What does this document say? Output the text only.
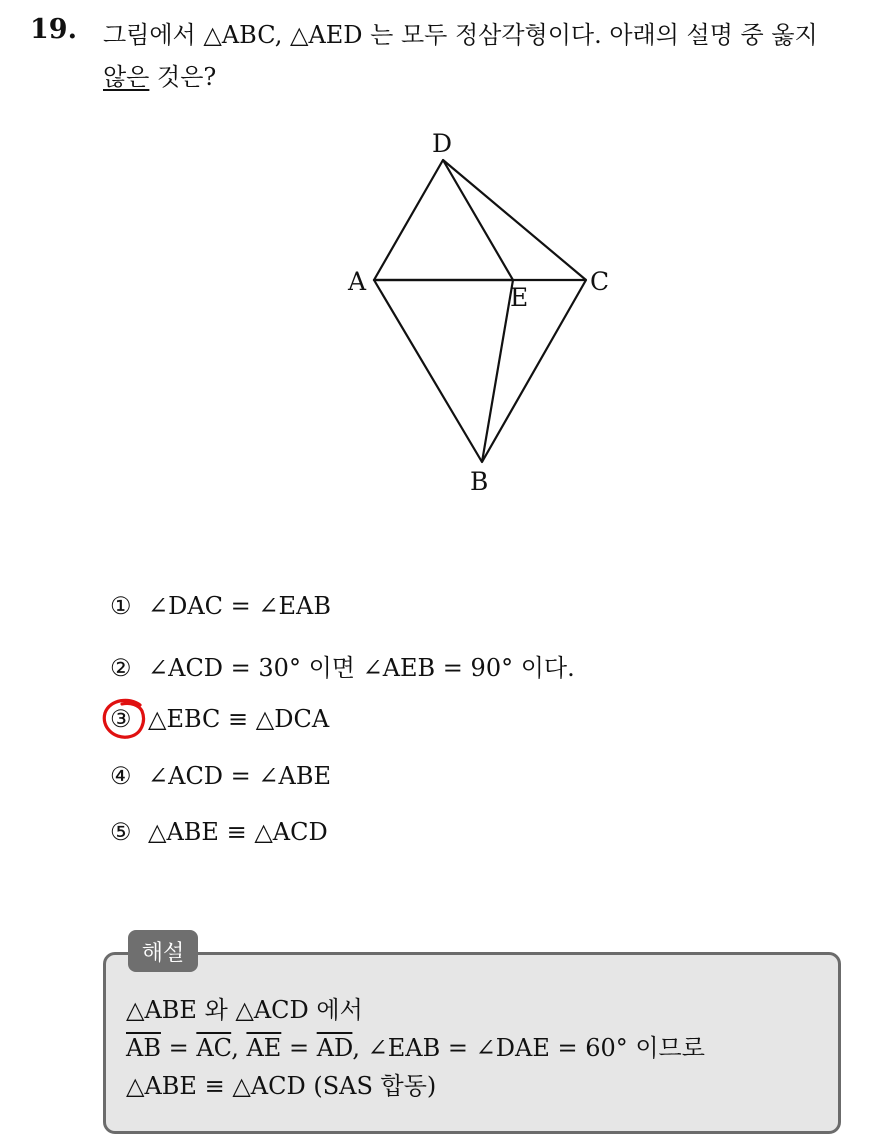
19. 그림에서 △ABC, △AED 는 모두 정삼각형이다. 아래의 설명 중 옳지
않은 것은?
D
A	C
E
B
① ∠DAC = ∠EAB
② ∠ACD = 30° 이면 ∠AEB = 90° 이다.
③ △EBC ≡ △DCA
④ ∠ACD = ∠ABE
⑤ △ABE ≡ △ACD
해설
△ABE 와 △ACD 에서
$\overline{AB} = \overline{AC}$, $\overline{AE} = \overline{AD}$, ∠EAB = ∠DAE = 60° 이므로
△ABE ≡ △ACD (SAS 합동)
